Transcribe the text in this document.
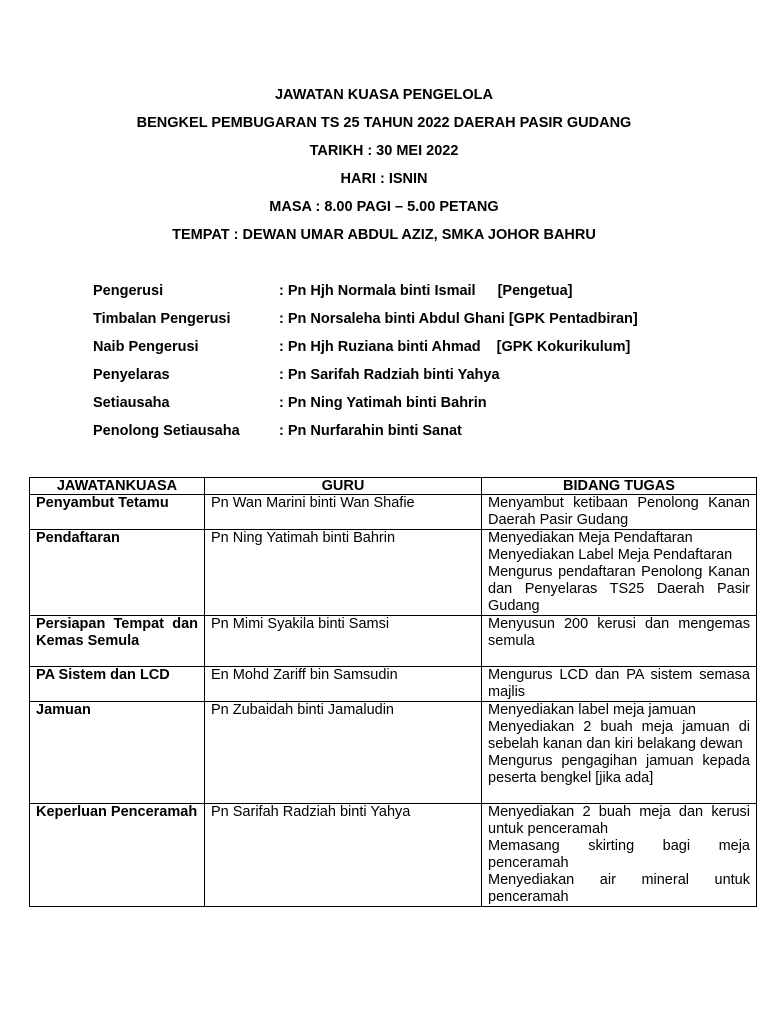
JAWATAN KUASA PENGELOLA
BENGKEL PEMBUGARAN TS 25 TAHUN 2022 DAERAH PASIR GUDANG
TARIKH : 30 MEI 2022
HARI : ISNIN
MASA : 8.00 PAGI – 5.00 PETANG
TEMPAT : DEWAN UMAR ABDUL AZIZ, SMKA JOHOR BAHRU
Pengerusi	: Pn Hjh Normala binti Ismail [Pengetua]
Timbalan Pengerusi	: Pn Norsaleha binti Abdul Ghani [GPK Pentadbiran]
Naib Pengerusi	: Pn Hjh Ruziana binti Ahmad [GPK Kokurikulum]
Penyelaras	: Pn Sarifah Radziah binti Yahya
Setiausaha	: Pn Ning Yatimah binti Bahrin
Penolong Setiausaha	: Pn Nurfarahin binti Sanat
JAWATANKUASA	GURU	BIDANG TUGAS
Penyambut Tetamu	Pn Wan Marini binti Wan Shafie	Menyambut ketibaan Penolong Kanan Daerah Pasir Gudang

Pendaftaran	Pn Ning Yatimah binti Bahrin	Menyediakan Meja Pendaftaran
Menyediakan Label Meja Pendaftaran
Mengurus pendaftaran Penolong Kanan dan Penyelaras TS25 Daerah Pasir Gudang

Persiapan Tempat dan Kemas Semula	Pn Mimi Syakila binti Samsi	Menyusun 200 kerusi dan mengemas semula

PA Sistem dan LCD	En Mohd Zariff bin Samsudin	Mengurus LCD dan PA sistem semasa majlis

Jamuan	Pn Zubaidah binti Jamaludin	Menyediakan label meja jamuan
Menyediakan 2 buah meja jamuan di sebelah kanan dan kiri belakang dewan
Mengurus pengagihan jamuan kepada peserta bengkel [jika ada]

Keperluan Penceramah	Pn Sarifah Radziah binti Yahya	Menyediakan 2 buah meja dan kerusi untuk penceramah
Memasang skirting bagi meja penceramah
Menyediakan air mineral untuk penceramah
